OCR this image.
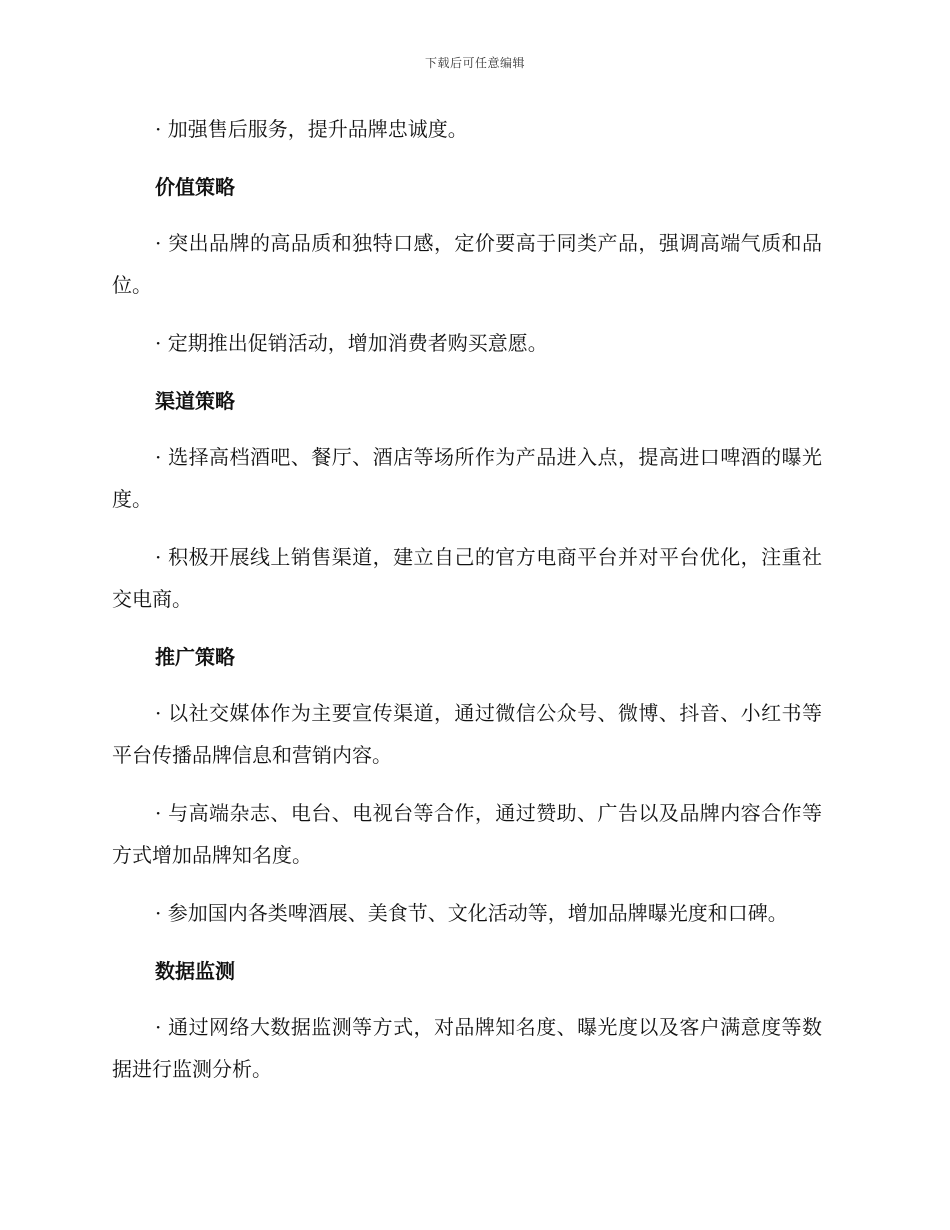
下载后可任意编辑

· 加强售后服务，提升品牌忠诚度。

价值策略

· 突出品牌的高品质和独特口感，定价要高于同类产品，强调高端气质和品位。

· 定期推出促销活动，增加消费者购买意愿。

渠道策略

· 选择高档酒吧、餐厅、酒店等场所作为产品进入点，提高进口啤酒的曝光度。

· 积极开展线上销售渠道，建立自己的官方电商平台并对平台优化，注重社交电商。

推广策略

· 以社交媒体作为主要宣传渠道，通过微信公众号、微博、抖音、小红书等平台传播品牌信息和营销内容。

· 与高端杂志、电台、电视台等合作，通过赞助、广告以及品牌内容合作等方式增加品牌知名度。

· 参加国内各类啤酒展、美食节、文化活动等，增加品牌曝光度和口碑。

数据监测

· 通过网络大数据监测等方式，对品牌知名度、曝光度以及客户满意度等数据进行监测分析。
